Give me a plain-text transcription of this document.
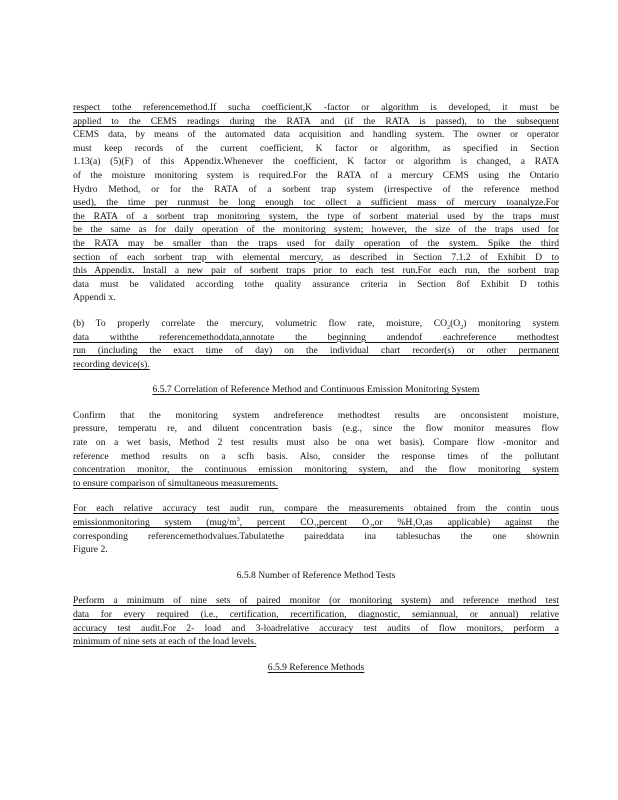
respect tothe referencemethod.If sucha coefficient,K -factor or algorithm is developed, it must be
applied to the CEMS readings during the RATA and (if the RATA is passed), to the subsequent
CEMS data, by means of the automated data acquisition and handling system. The owner or operator
must keep records of the current coefficient, K factor or algorithm, as specified in Section
1.13(a) (5)(F) of this Appendix.Whenever the coefficient, K factor or algorithm is changed, a RATA
of the moisture monitoring system is required.For the RATA of a mercury CEMS using the Ontario
Hydro Method, or for the RATA of a sorbent trap system (irrespective of the reference method
used), the time per runmust be long enough toc ollect a sufficient mass of mercury toanalyze.For
the RATA of a sorbent trap monitoring system, the type of sorbent material used by the traps must
be the same as for daily operation of the monitoring system; however, the size of the traps used for
the RATA may be smaller than the traps used for daily operation of the system. Spike the third
section of each sorbent trap with elemental mercury, as described in Section 7.1.2 of Exhibit D to
this Appendix. Install a new pair of sorbent traps prior to each test run.For each run, the sorbent trap
data must be validated according tothe quality assurance criteria in Section 8of Exhibit D tothis
Appendi x.
(b) To properly correlate the mercury, volumetric flow rate, moisture, $CO_2(O_2)$ monitoring system
data withthe referencemethoddata,annotate the beginning andendof eachreference methodtest
run (including the exact time of day) on the individual chart recorder(s) or other permanent
recording device(s).

6.5.7 Correlation of Reference Method and Continuous Emission Monitoring System

Confirm that the monitoring system andreference methodtest results are onconsistent moisture,
pressure, temperatu re, and diluent concentration basis (e.g., since the flow monitor measures flow
rate on a wet basis, Method 2 test results must also be ona wet basis). Compare flow -monitor and
reference method results on a scfh basis. Also, consider the response times of the pollutant
concentration monitor, the continuous emission monitoring system, and the flow monitoring system
to ensure comparison of simultaneous measurements.
For each relative accuracy test audit run, compare the measurements obtained from the contin uous
emissionmonitoring system ($mug/m^3$, percent $CO_2,percent$ $O_2,or$ $\%H_2O,as$ applicable) against the
corresponding referencemethodvalues.Tabulatethe paireddata ina tablesuchas the one shownin
Figure 2.

6.5.8 Number of Reference Method Tests

Perform a minimum of nine sets of paired monitor (or monitoring system) and reference method test
data for every required (i.e., certification, recertification, diagnostic, semiannual, or annual) relative
accuracy test audit.For 2- load and 3-loadrelative accuracy test audits of flow monitors, perform a
minimum of nine sets at each of the load levels.

6.5.9 Reference Methods
